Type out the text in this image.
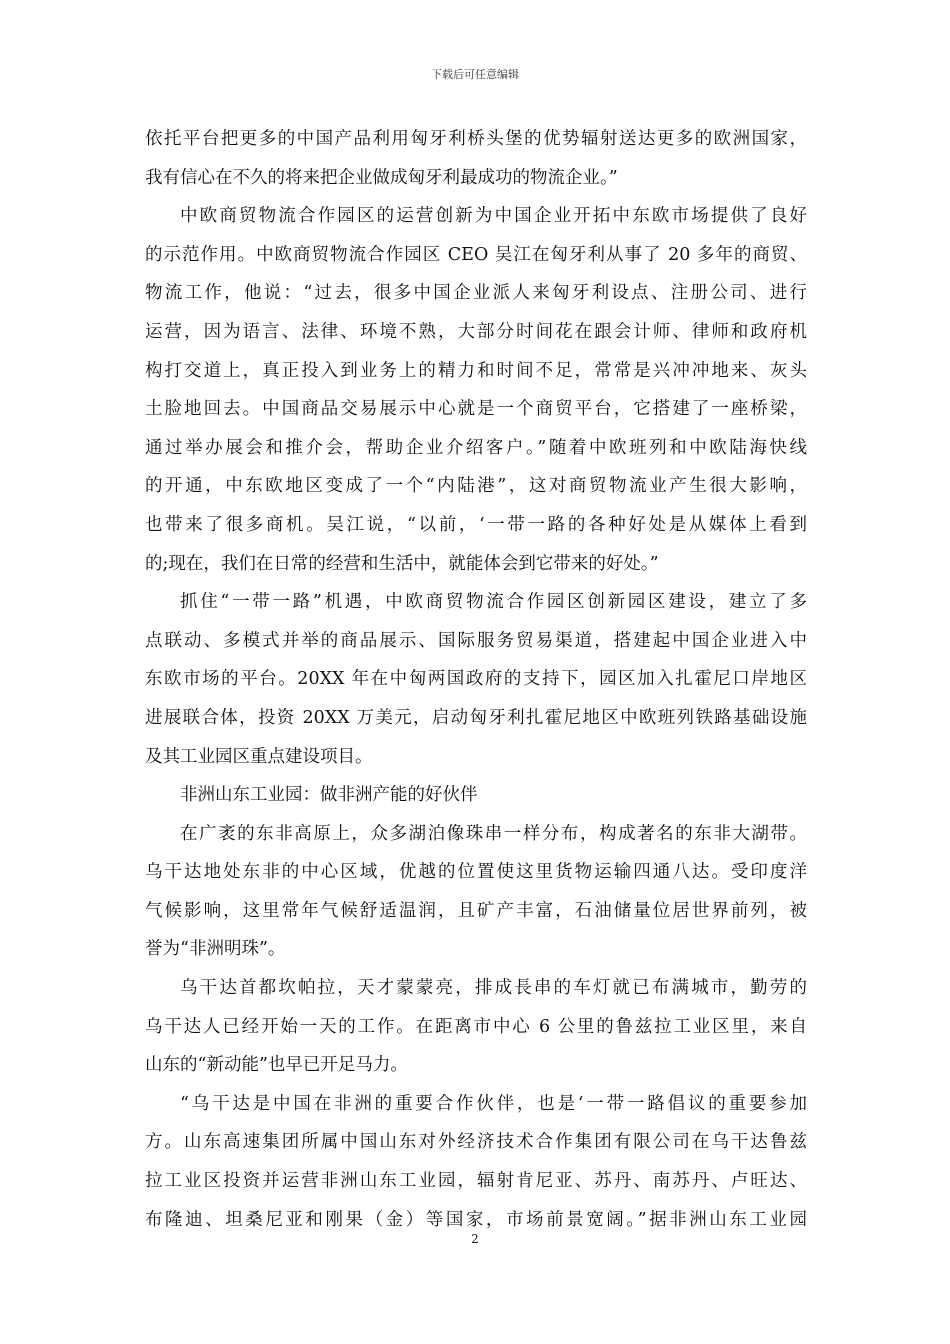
下载后可任意编辑
依托平台把更多的中国产品利用匈牙利桥头堡的优势辐射送达更多的欧洲国家，
我有信心在不久的将来把企业做成匈牙利最成功的物流企业。”
中欧商贸物流合作园区的运营创新为中国企业开拓中东欧市场提供了良好
的示范作用。中欧商贸物流合作园区 CEO 吴江在匈牙利从事了 20 多年的商贸、
物流工作，他说：“过去，很多中国企业派人来匈牙利设点、注册公司、进行
运营，因为语言、法律、环境不熟，大部分时间花在跟会计师、律师和政府机
构打交道上，真正投入到业务上的精力和时间不足，常常是兴冲冲地来、灰头
土脸地回去。中国商品交易展示中心就是一个商贸平台，它搭建了一座桥梁，
通过举办展会和推介会，帮助企业介绍客户。”随着中欧班列和中欧陆海快线
的开通，中东欧地区变成了一个“内陆港”，这对商贸物流业产生很大影响，
也带来了很多商机。吴江说，“以前，‘一带一路的各种好处是从媒体上看到
的;现在，我们在日常的经营和生活中，就能体会到它带来的好处。”
抓住“一带一路”机遇，中欧商贸物流合作园区创新园区建设，建立了多
点联动、多模式并举的商品展示、国际服务贸易渠道，搭建起中国企业进入中
东欧市场的平台。20XX 年在中匈两国政府的支持下，园区加入扎霍尼口岸地区
进展联合体，投资 20XX 万美元，启动匈牙利扎霍尼地区中欧班列铁路基础设施
及其工业园区重点建设项目。
非洲山东工业园：做非洲产能的好伙伴
在广袤的东非高原上，众多湖泊像珠串一样分布，构成著名的东非大湖带。
乌干达地处东非的中心区域，优越的位置使这里货物运输四通八达。受印度洋
气候影响，这里常年气候舒适温润，且矿产丰富，石油储量位居世界前列，被
誉为“非洲明珠”。
乌干达首都坎帕拉，天才蒙蒙亮，排成長串的车灯就已布满城市，勤劳的
乌干达人已经开始一天的工作。在距离市中心 6 公里的鲁兹拉工业区里，来自
山东的“新动能”也早已开足马力。
“乌干达是中国在非洲的重要合作伙伴，也是‘一带一路倡议的重要参加
方。山东高速集团所属中国山东对外经济技术合作集团有限公司在乌干达鲁兹
拉工业区投资并运营非洲山东工业园，辐射肯尼亚、苏丹、南苏丹、卢旺达、
布隆迪、坦桑尼亚和刚果（金）等国家，市场前景宽阔。”据非洲山东工业园
2
